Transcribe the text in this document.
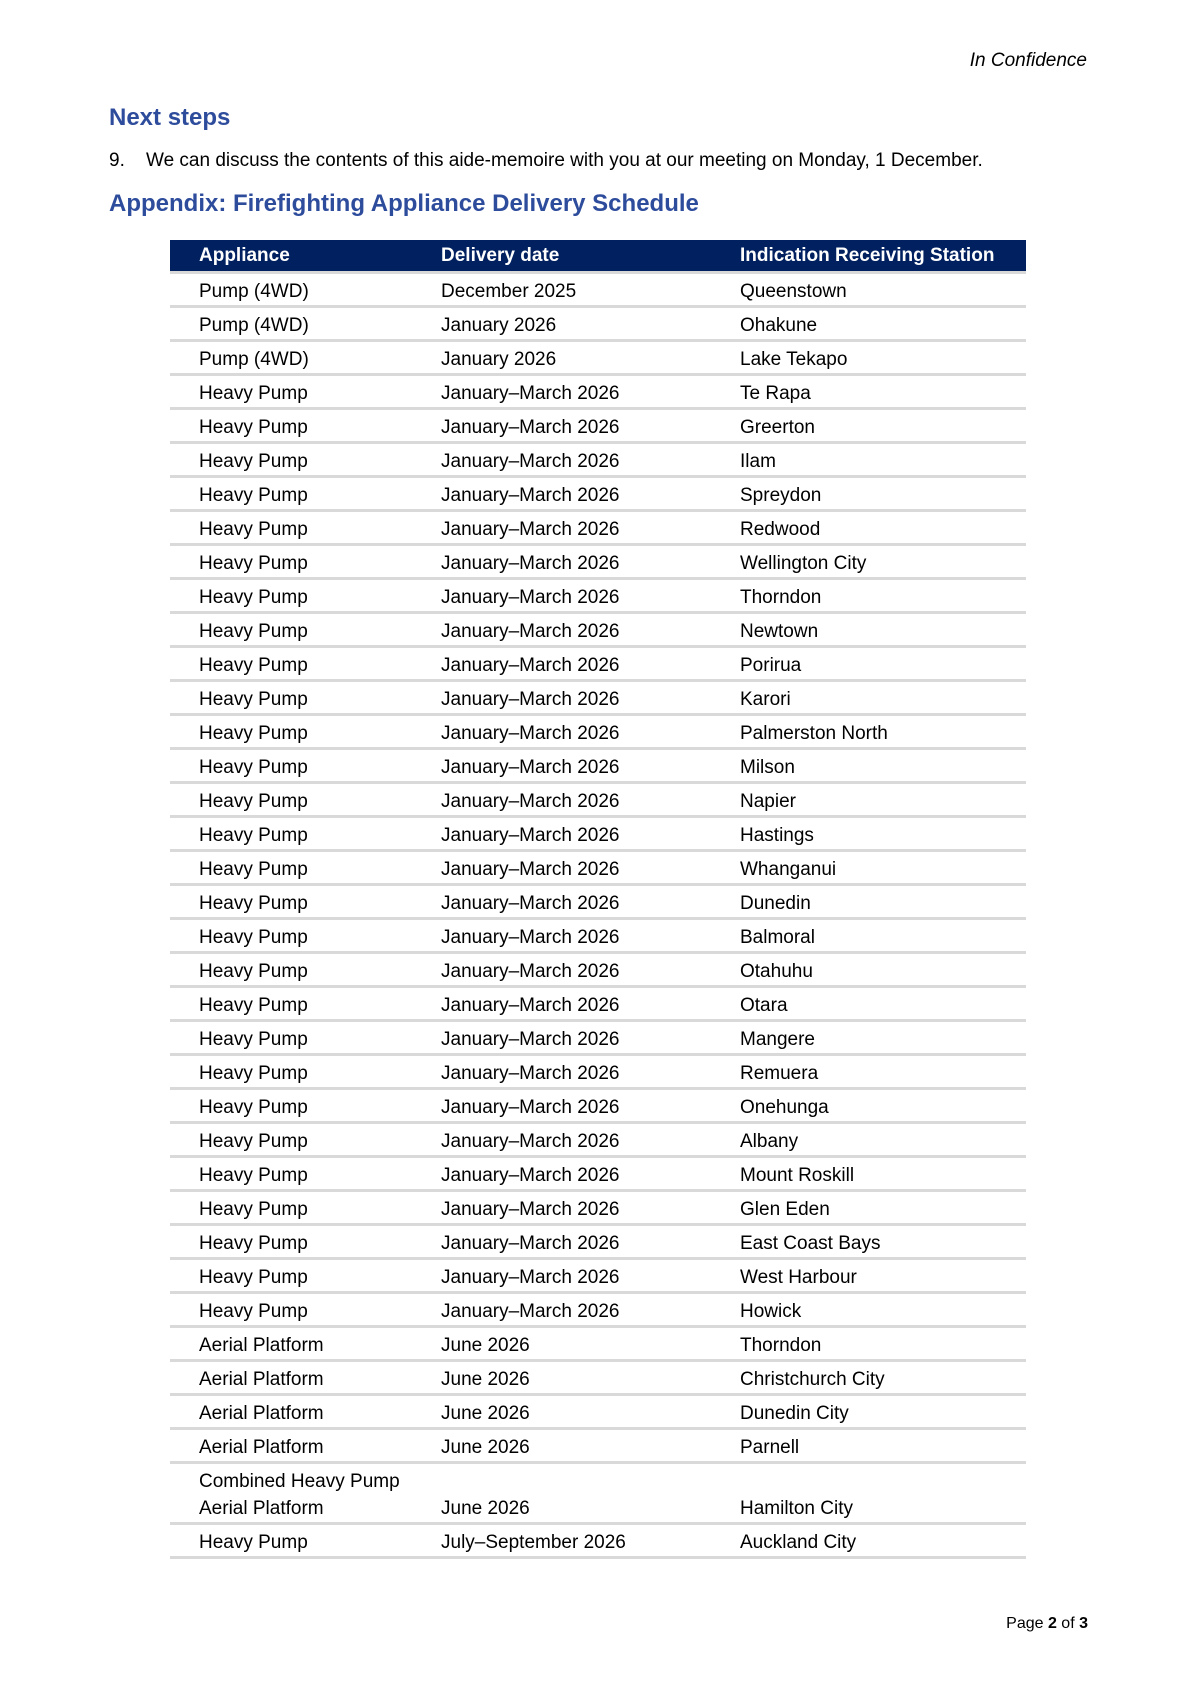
In Confidence
Next steps
9. We can discuss the contents of this aide-memoire with you at our meeting on Monday, 1 December.
Appendix: Firefighting Appliance Delivery Schedule
Appliance	Delivery date	Indication Receiving Station
Pump (4WD)	December 2025	Queenstown
Pump (4WD)	January 2026	Ohakune
Pump (4WD)	January 2026	Lake Tekapo
Heavy Pump	January–March 2026	Te Rapa
Heavy Pump	January–March 2026	Greerton
Heavy Pump	January–March 2026	Ilam
Heavy Pump	January–March 2026	Spreydon
Heavy Pump	January–March 2026	Redwood
Heavy Pump	January–March 2026	Wellington City
Heavy Pump	January–March 2026	Thorndon
Heavy Pump	January–March 2026	Newtown
Heavy Pump	January–March 2026	Porirua
Heavy Pump	January–March 2026	Karori
Heavy Pump	January–March 2026	Palmerston North
Heavy Pump	January–March 2026	Milson
Heavy Pump	January–March 2026	Napier
Heavy Pump	January–March 2026	Hastings
Heavy Pump	January–March 2026	Whanganui
Heavy Pump	January–March 2026	Dunedin
Heavy Pump	January–March 2026	Balmoral
Heavy Pump	January–March 2026	Otahuhu
Heavy Pump	January–March 2026	Otara
Heavy Pump	January–March 2026	Mangere
Heavy Pump	January–March 2026	Remuera
Heavy Pump	January–March 2026	Onehunga
Heavy Pump	January–March 2026	Albany
Heavy Pump	January–March 2026	Mount Roskill
Heavy Pump	January–March 2026	Glen Eden
Heavy Pump	January–March 2026	East Coast Bays
Heavy Pump	January–March 2026	West Harbour
Heavy Pump	January–March 2026	Howick
Aerial Platform	June 2026	Thorndon
Aerial Platform	June 2026	Christchurch City
Aerial Platform	June 2026	Dunedin City
Aerial Platform	June 2026	Parnell
Combined Heavy Pump Aerial Platform	June 2026	Hamilton City
Heavy Pump	July–September 2026	Auckland City
Page 2 of 3
